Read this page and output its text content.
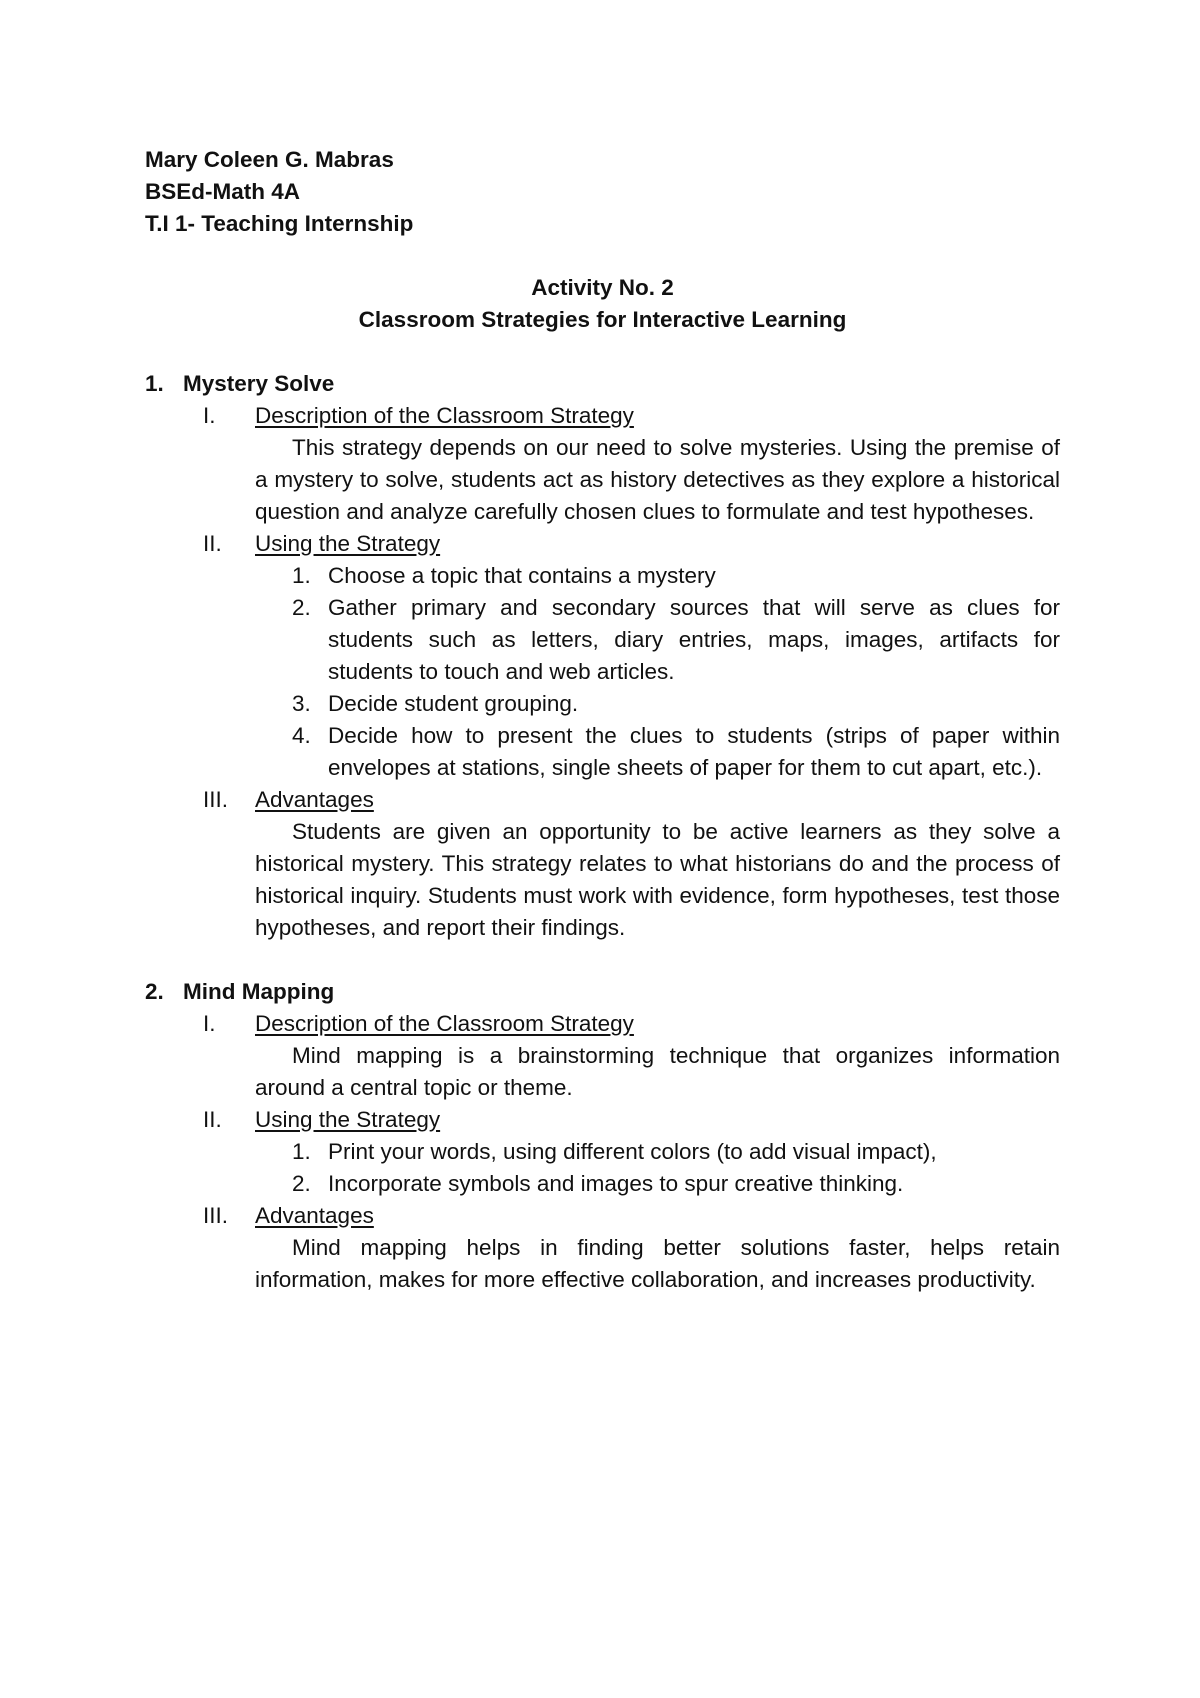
Mary Coleen G. Mabras
BSEd-Math 4A
T.I 1- Teaching Internship
Activity No. 2
Classroom Strategies for Interactive Learning
1. Mystery Solve
I. Description of the Classroom Strategy
This strategy depends on our need to solve mysteries. Using the premise of a mystery to solve, students act as history detectives as they explore a historical question and analyze carefully chosen clues to formulate and test hypotheses.
II. Using the Strategy
1. Choose a topic that contains a mystery
2. Gather primary and secondary sources that will serve as clues for students such as letters, diary entries, maps, images, artifacts for students to touch and web articles.
3. Decide student grouping.
4. Decide how to present the clues to students (strips of paper within envelopes at stations, single sheets of paper for them to cut apart, etc.).
III. Advantages
Students are given an opportunity to be active learners as they solve a historical mystery. This strategy relates to what historians do and the process of historical inquiry. Students must work with evidence, form hypotheses, test those hypotheses, and report their findings.
2. Mind Mapping
I. Description of the Classroom Strategy
Mind mapping is a brainstorming technique that organizes information around a central topic or theme.
II. Using the Strategy
1. Print your words, using different colors (to add visual impact),
2. Incorporate symbols and images to spur creative thinking.
III. Advantages
Mind mapping helps in finding better solutions faster, helps retain information, makes for more effective collaboration, and increases productivity.
